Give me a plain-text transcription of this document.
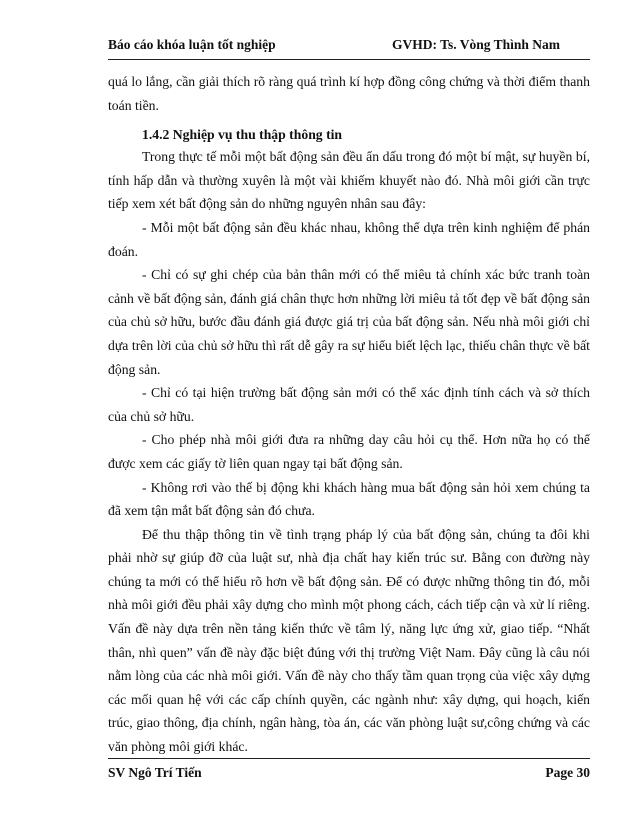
Báo cáo khóa luận tốt nghiệp	GVHD: Ts. Vòng Thình Nam

quá lo lắng, cần giải thích rõ ràng quá trình kí hợp đồng công chứng và thời điểm thanh toán tiền.

1.4.2 Nghiệp vụ thu thập thông tin

Trong thực tế mỗi một bất động sản đều ẩn dấu trong đó một bí mật, sự huyền bí, tính hấp dẫn và thường xuyên là một vài khiếm khuyết nào đó. Nhà môi giới cần trực tiếp xem xét bất động sản do những nguyên nhân sau đây:

- Mỗi một bất động sản đều khác nhau, không thể dựa trên kinh nghiệm để phán đoán.

- Chỉ có sự ghi chép của bản thân mới có thể miêu tả chính xác bức tranh toàn cảnh về bất động sản, đánh giá chân thực hơn những lời miêu tả tốt đẹp về bất động sản của chủ sở hữu, bước đầu đánh giá được giá trị của bất động sản. Nếu nhà môi giới chỉ dựa trên lời của chủ sở hữu thì rất dễ gây ra sự hiểu biết lệch lạc, thiếu chân thực về bất động sản.

- Chỉ có tại hiện trường bất động sản mới có thể xác định tính cách và sở thích của chủ sở hữu.

- Cho phép nhà môi giới đưa ra những day câu hỏi cụ thể. Hơn nữa họ có thể được xem các giấy tờ liên quan ngay tại bất động sản.

- Không rơi vào thế bị động khi khách hàng mua bất động sản hỏi xem chúng ta đã xem tận mắt bất động sản đó chưa.

Để thu thập thông tin về tình trạng pháp lý của bất động sản, chúng ta đôi khi phải nhờ sự giúp đỡ của luật sư, nhà địa chất hay kiến trúc sư. Bằng con đường này chúng ta mới có thể hiểu rõ hơn về bất động sản. Để có được những thông tin đó, mỗi nhà môi giới đều phải xây dựng cho mình một phong cách, cách tiếp cận và xử lí riêng. Vấn đề này dựa trên nền tảng kiến thức về tâm lý, năng lực ứng xử, giao tiếp. “Nhất thân, nhì quen” vấn đề này đặc biệt đúng với thị trường Việt Nam. Đây cũng là câu nói nằm lòng của các nhà môi giới. Vấn đề này cho thấy tầm quan trọng của việc xây dựng các mối quan hệ với các cấp chính quyền, các ngành như: xây dựng, qui hoạch, kiến trúc, giao thông, địa chính, ngân hàng, tòa án, các văn phòng luật sư,công chứng và các văn phòng môi giới khác.

SV Ngô Trí Tiến	Page 30
